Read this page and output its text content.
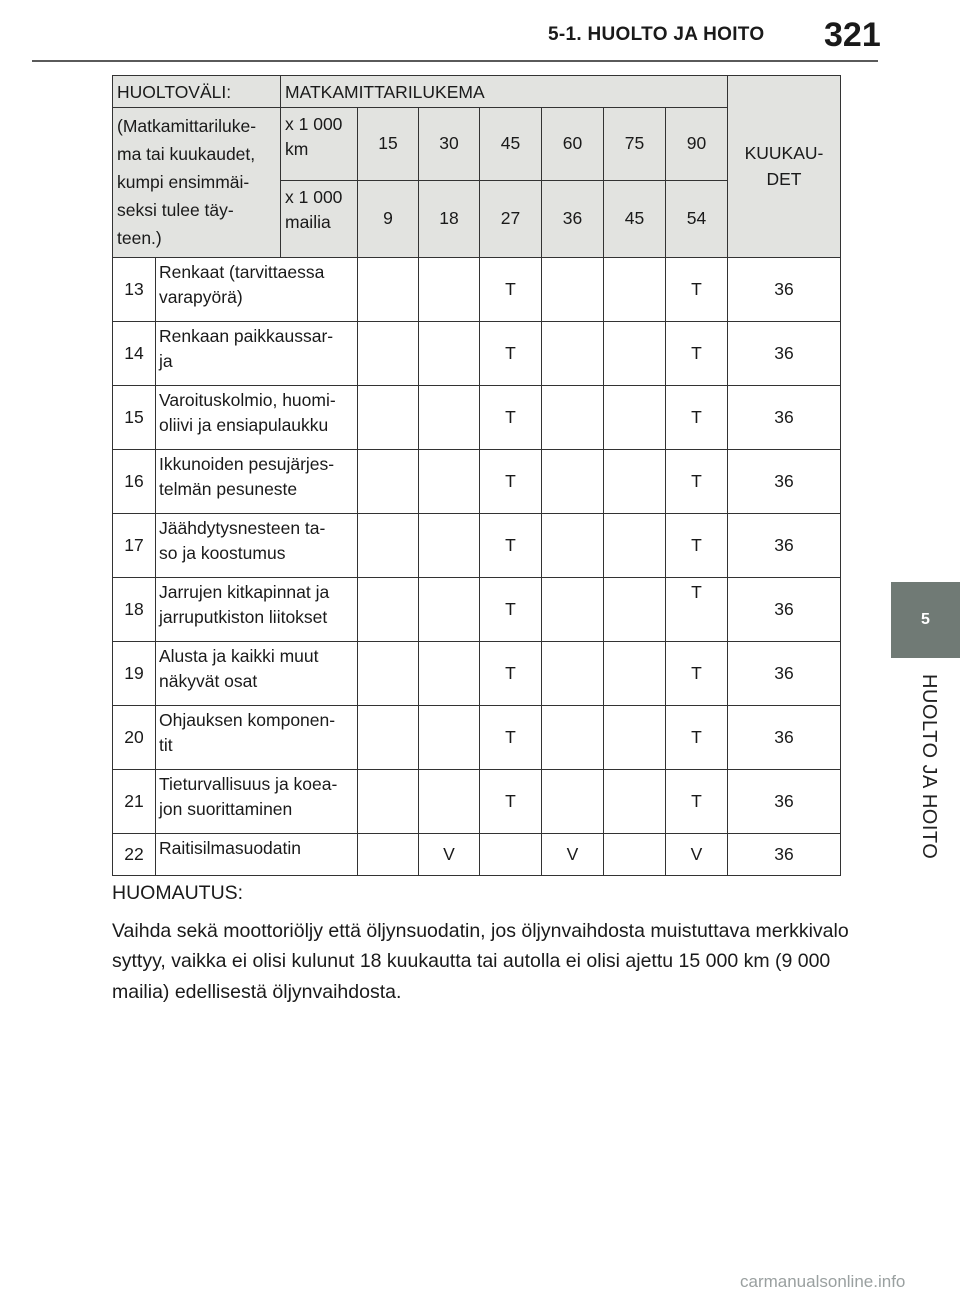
5-1. HUOLTO JA HOITO 321
5
HUOLTO JA HOITO
HUOLTOVÄLI:		MATKAMITTARILUKEMA							KUUKAU-
DET
(Matkamittariluke-
ma tai kuukaudet,
kumpi ensimmäi-
seksi tulee täy-
teen.)		x 1 000
km	15	30	45	60	75	90	
		x 1 000
mailia	9	18	27	36	45	54	
13	Renkaat (tarvittaessa
varapyörä)				T			T	36
14	Renkaan paikkaussar-
ja				T			T	36
15	Varoituskolmio, huomi-
oliivi ja ensiapulaukku				T			T	36
16	Ikkunoiden pesujärjes-
telmän pesuneste				T			T	36
17	Jäähdytysnesteen ta-
so ja koostumus				T			T	36
18	Jarrujen kitkapinnat ja
jarruputkiston liitokset				T			T	36
19	Alusta ja kaikki muut
näkyvät osat				T			T	36
20	Ohjauksen komponen-
tit				T			T	36
21	Tieturvallisuus ja koea-
jon suorittaminen				T			T	36
22	Raitisilmasuodatin			V		V		V	36

HUOMAUTUS:

Vaihda sekä moottoriöljy että öljynsuodatin, jos öljynvaihdosta muistuttava merkkivalo syttyy, vaikka ei olisi kulunut 18 kuukautta tai autolla ei olisi ajettu 15 000 km (9 000 mailia) edellisestä öljynvaihdosta.

carmanualsonline.info
